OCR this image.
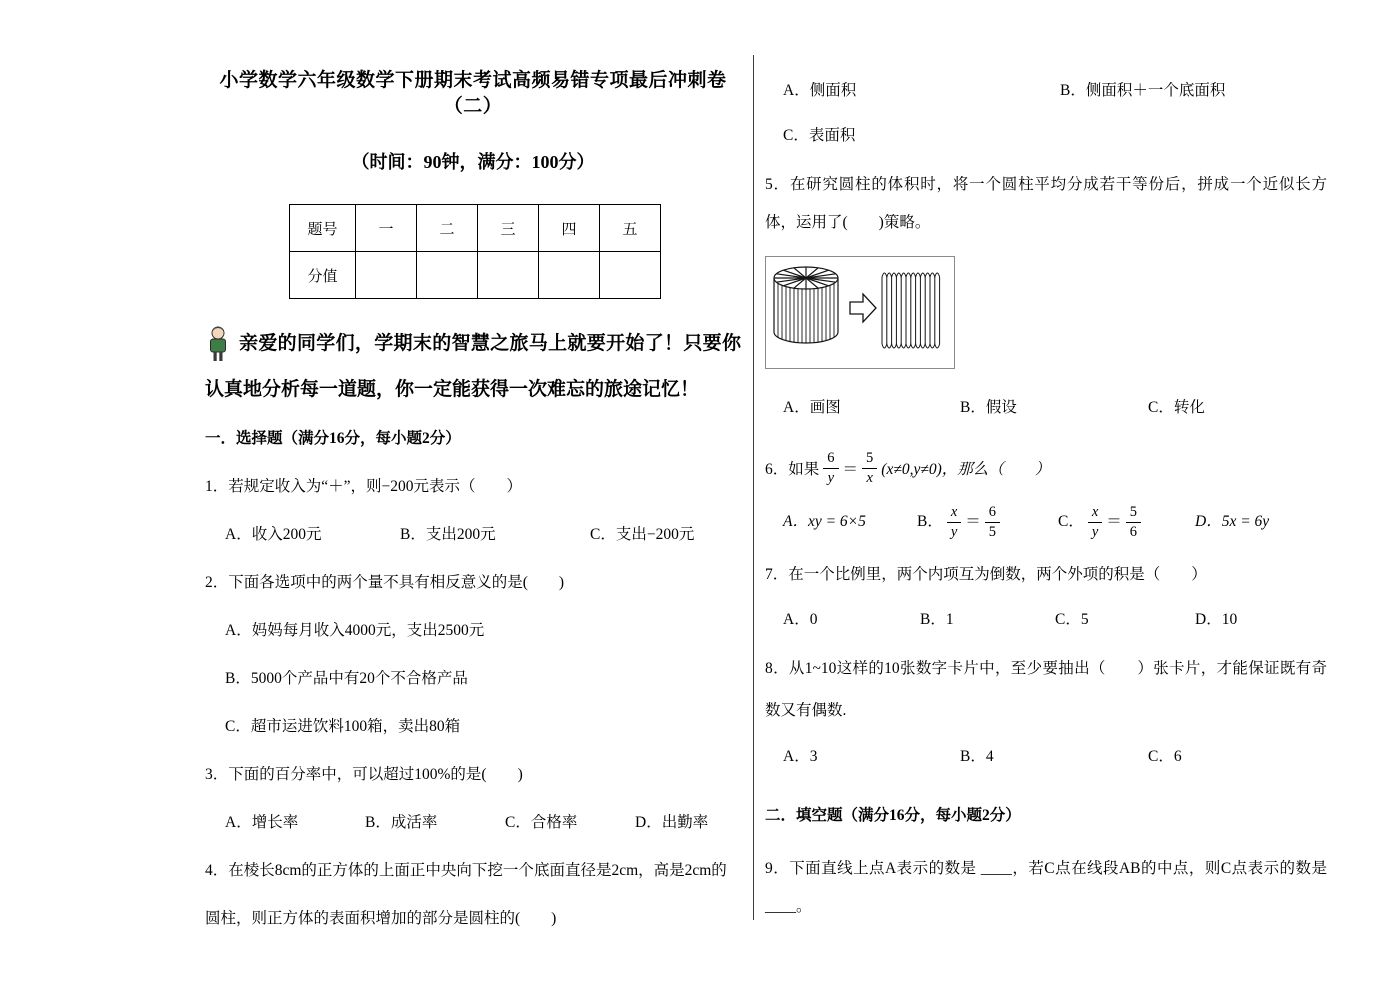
小学数学六年级数学下册期末考试高频易错专项最后冲刺卷（二）
（时间：90钟，满分：100分）
题号	一	二	三	四	五
分值					
亲爱的同学们，学期末的智慧之旅马上就要开始了！只要你认真地分析每一道题，你一定能获得一次难忘的旅途记忆！
一．选择题（满分16分，每小题2分）
1．若规定收入为“＋”，则−200元表示（　　）
A．收入200元	B．支出200元	C．支出−200元
2．下面各选项中的两个量不具有相反意义的是(　　)
A．妈妈每月收入4000元，支出2500元
B．5000个产品中有20个不合格产品
C．超市运进饮料100箱，卖出80箱
3．下面的百分率中，可以超过100%的是(　　)
A．增长率	B．成活率	C．合格率	D．出勤率
4．在棱长8cm的正方体的上面正中央向下挖一个底面直径是2cm，高是2cm的圆柱，则正方体的表面积增加的部分是圆柱的(　　)
A．侧面积	B．侧面积＋一个底面积
C．表面积
5．在研究圆柱的体积时，将一个圆柱平均分成若干等份后，拼成一个近似长方体，运用了(　　)策略。
A．画图	B．假设	C．转化
6．如果 $\frac{6}{y} = \frac{5}{x} (x\ne 0,y\ne 0)$，那么（　　）
A．xy = 6×5	B． $\frac{x}{y} = \frac{6}{5}$	C． $\frac{x}{y} = \frac{5}{6}$	D．5x = 6y
7．在一个比例里，两个内项互为倒数，两个外项的积是（　　）
A．0	B．1	C．5	D．10
8．从1~10这样的10张数字卡片中，至少要抽出（　　）张卡片，才能保证既有奇数又有偶数.
A．3	B．4	C．6
二．填空题（满分16分，每小题2分）
9．下面直线上点A表示的数是 ____，若C点在线段AB的中点，则C点表示的数是 ____。
